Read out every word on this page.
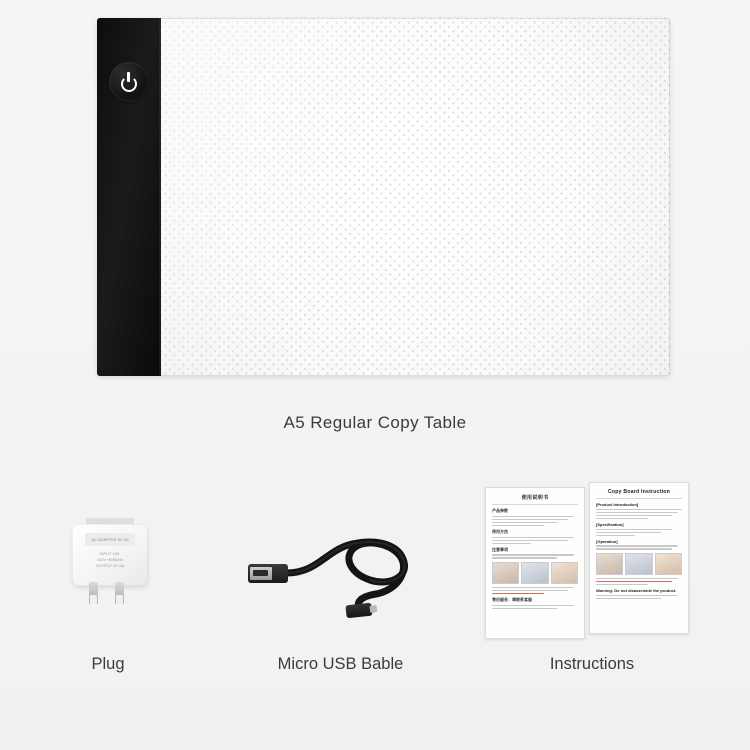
A5 Regular Copy Table
AC ADAPTER 5V 2A
INPUT 100-240V~50/60Hz OUTPUT 5V 2A
Plug	Micro USB Bable
使用说明书
产品参数
使用方法
注意事项
售后服务：请联系客服
Copy Board Instruction
[Product Introduction]
[Specification]
[Operation]
Warning: Do not disassemble the product.
Instructions
